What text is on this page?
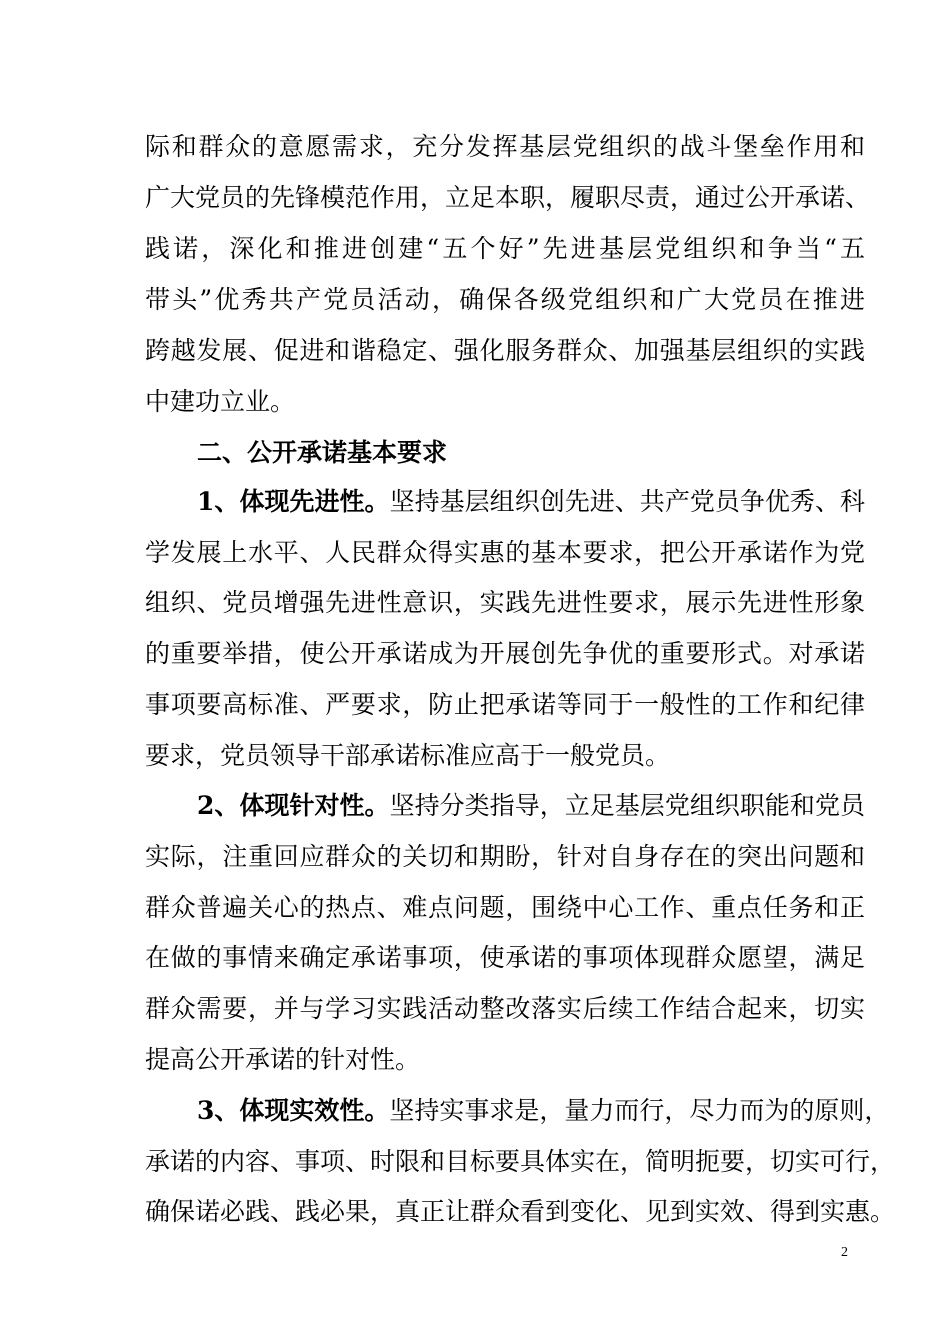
际和群众的意愿需求，充分发挥基层党组织的战斗堡垒作用和
广大党员的先锋模范作用，立足本职，履职尽责，通过公开承诺、
践诺，深化和推进创建“五个好”先进基层党组织和争当“五
带头”优秀共产党员活动，确保各级党组织和广大党员在推进
跨越发展、促进和谐稳定、强化服务群众、加强基层组织的实践
中建功立业。
二、公开承诺基本要求
1、体现先进性。坚持基层组织创先进、共产党员争优秀、科
学发展上水平、人民群众得实惠的基本要求，把公开承诺作为党
组织、党员增强先进性意识，实践先进性要求，展示先进性形象
的重要举措，使公开承诺成为开展创先争优的重要形式。对承诺
事项要高标准、严要求，防止把承诺等同于一般性的工作和纪律
要求，党员领导干部承诺标准应高于一般党员。
2、体现针对性。坚持分类指导，立足基层党组织职能和党员
实际，注重回应群众的关切和期盼，针对自身存在的突出问题和
群众普遍关心的热点、难点问题，围绕中心工作、重点任务和正
在做的事情来确定承诺事项，使承诺的事项体现群众愿望，满足
群众需要，并与学习实践活动整改落实后续工作结合起来，切实
提高公开承诺的针对性。
3、体现实效性。坚持实事求是，量力而行，尽力而为的原则，
承诺的内容、事项、时限和目标要具体实在，简明扼要，切实可行，
确保诺必践、践必果，真正让群众看到变化、见到实效、得到实惠。
2
